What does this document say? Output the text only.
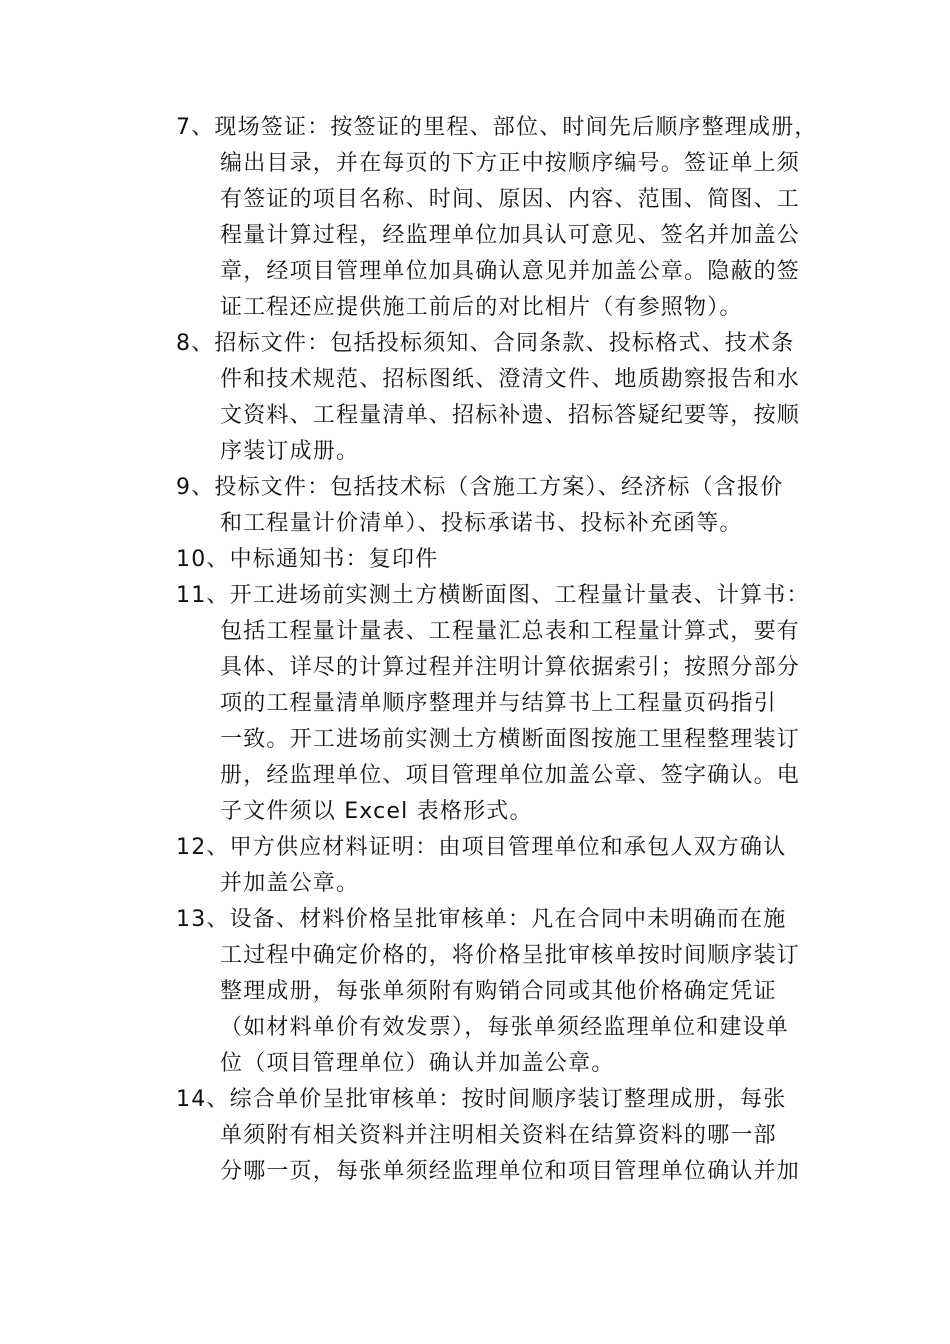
7、现场签证：按签证的里程、部位、时间先后顺序整理成册，
编出目录，并在每页的下方正中按顺序编号。签证单上须
有签证的项目名称、时间、原因、内容、范围、简图、工
程量计算过程，经监理单位加具认可意见、签名并加盖公
章，经项目管理单位加具确认意见并加盖公章。隐蔽的签
证工程还应提供施工前后的对比相片（有参照物）。
8、招标文件：包括投标须知、合同条款、投标格式、技术条
件和技术规范、招标图纸、澄清文件、地质勘察报告和水
文资料、工程量清单、招标补遗、招标答疑纪要等，按顺
序装订成册。
9、投标文件：包括技术标（含施工方案）、经济标（含报价
和工程量计价清单）、投标承诺书、投标补充函等。
10、中标通知书：复印件
11、开工进场前实测土方横断面图、工程量计量表、计算书：
包括工程量计量表、工程量汇总表和工程量计算式，要有
具体、详尽的计算过程并注明计算依据索引；按照分部分
项的工程量清单顺序整理并与结算书上工程量页码指引
一致。开工进场前实测土方横断面图按施工里程整理装订
册，经监理单位、项目管理单位加盖公章、签字确认。电
子文件须以 Excel 表格形式。
12、甲方供应材料证明：由项目管理单位和承包人双方确认
并加盖公章。
13、设备、材料价格呈批审核单：凡在合同中未明确而在施
工过程中确定价格的，将价格呈批审核单按时间顺序装订
整理成册，每张单须附有购销合同或其他价格确定凭证
（如材料单价有效发票），每张单须经监理单位和建设单
位（项目管理单位）确认并加盖公章。
14、综合单价呈批审核单：按时间顺序装订整理成册，每张
单须附有相关资料并注明相关资料在结算资料的哪一部
分哪一页，每张单须经监理单位和项目管理单位确认并加
